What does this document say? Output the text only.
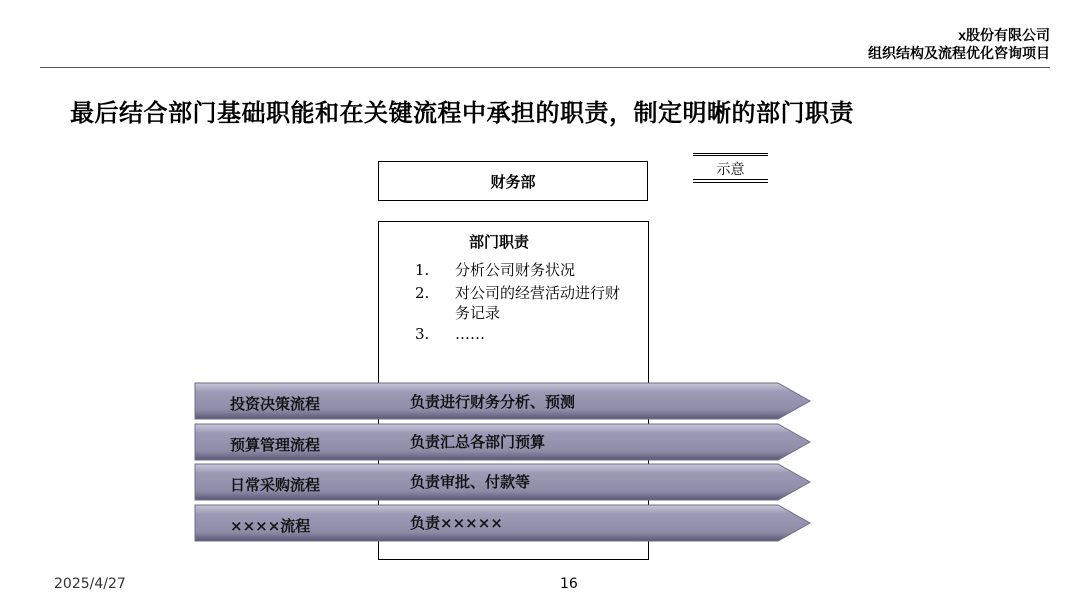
x股份有限公司
组织结构及流程优化咨询项目
最后结合部门基础职能和在关键流程中承担的职责，制定明晰的部门职责
财务部
示意
部门职责
1.	分析公司财务状况
2.	对公司的经营活动进行财务记录
3.	……
投资决策流程	负责进行财务分析、预测
预算管理流程	负责汇总各部门预算
日常采购流程	负责审批、付款等
××××流程	负责×××××
2025/4/27	16
